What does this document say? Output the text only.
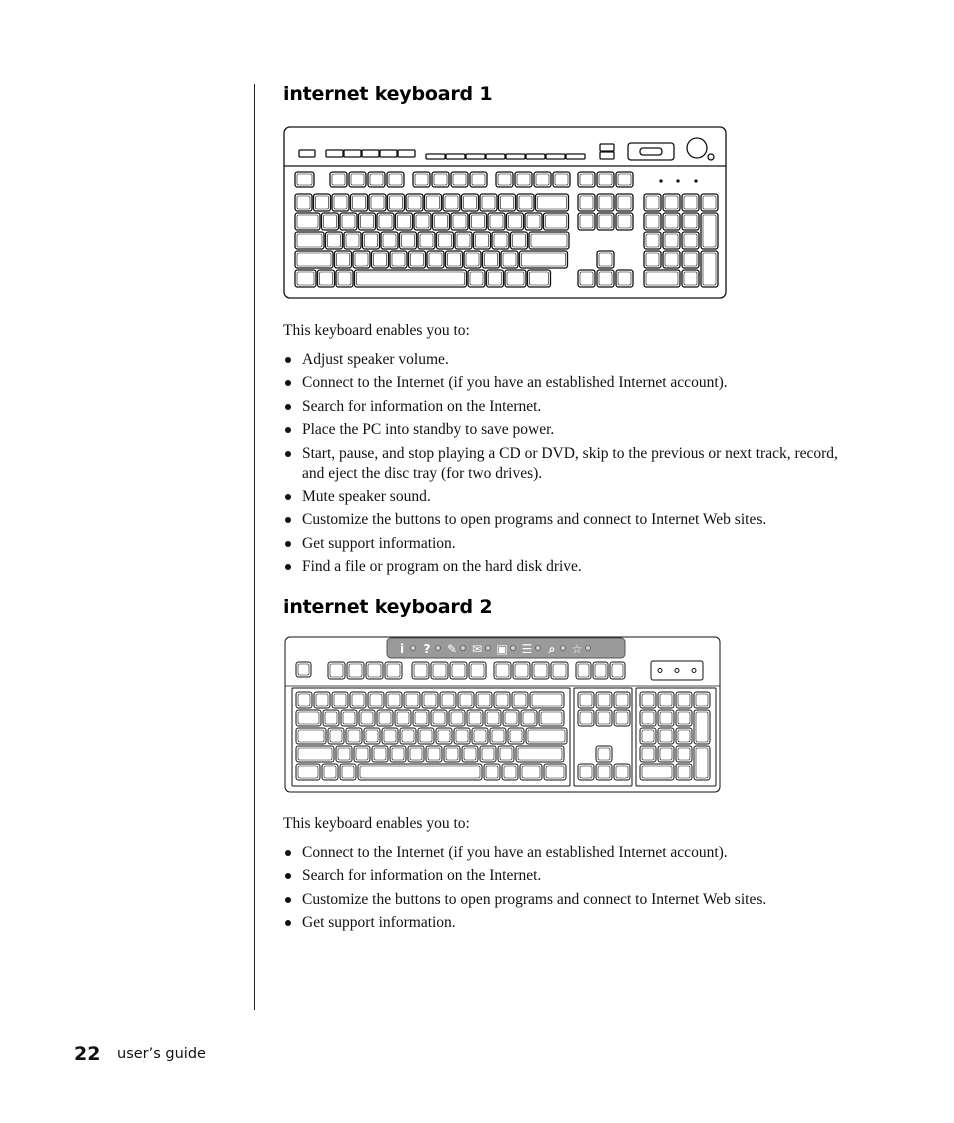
internet keyboard 1

This keyboard enables you to:

Adjust speaker volume.
Connect to the Internet (if you have an established Internet account).
Search for information on the Internet.
Place the PC into standby to save power.
Start, pause, and stop playing a CD or DVD, skip to the previous or next track, record, and eject the disc tray (for two drives).
Mute speaker sound.
Customize the buttons to open programs and connect to Internet Web sites.
Get support information.
Find a file or program on the hard disk drive.
internet keyboard 2
i ? ✎ ✉ ▣ ☰ ⌕ ☆

This keyboard enables you to:

Connect to the Internet (if you have an established Internet account).
Search for information on the Internet.
Customize the buttons to open programs and connect to Internet Web sites.
Get support information.
22 user’s guide
